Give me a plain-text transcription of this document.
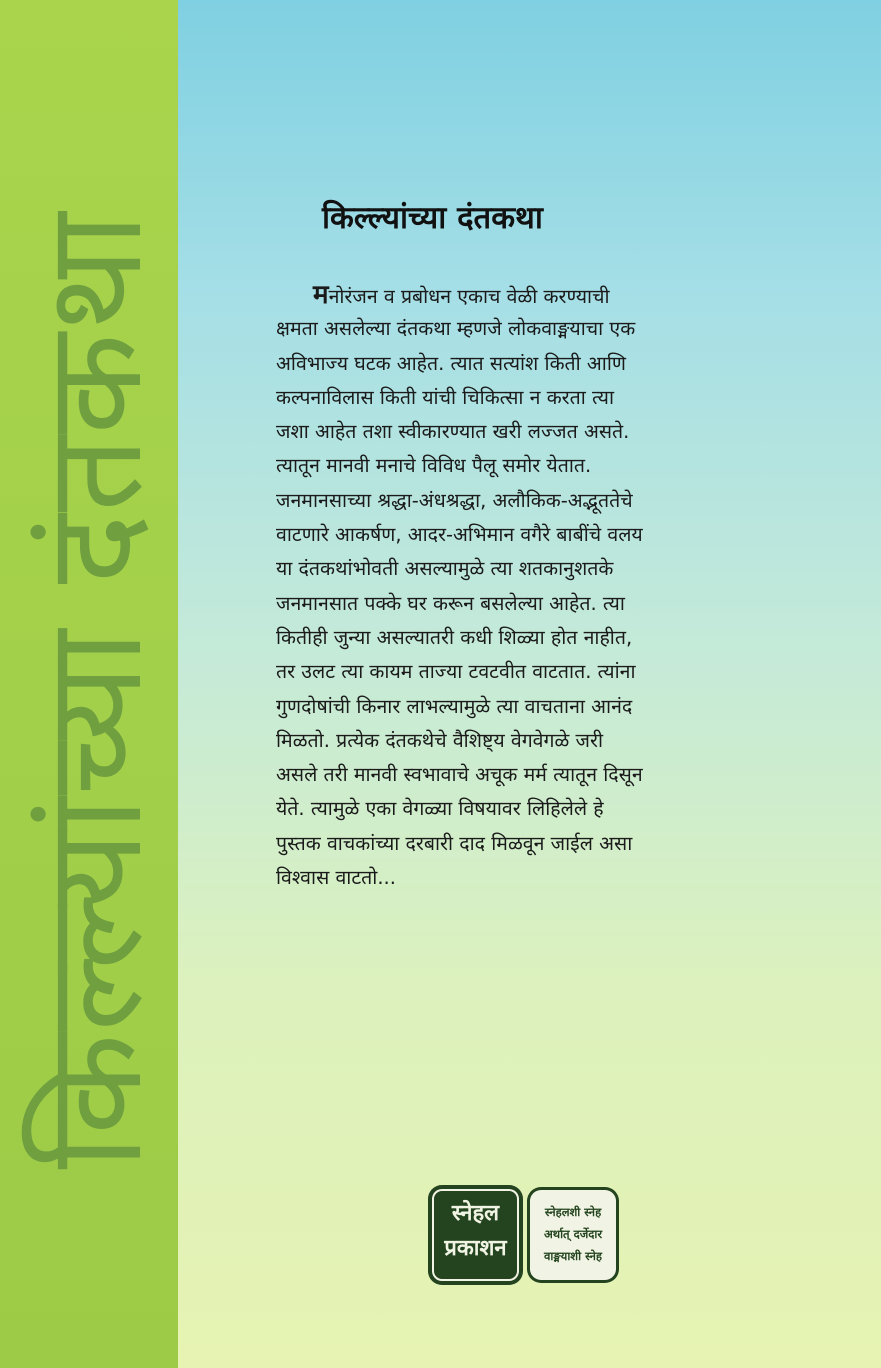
किल्ल्यांच्या दंतकथा	किल्ल्यांच्या दंतकथा
मनोरंजन व प्रबोधन एकाच वेळी करण्याची
क्षमता असलेल्या दंतकथा म्हणजे लोकवाङ्मयाचा एक
अविभाज्य घटक आहेत. त्यात सत्यांश किती आणि
कल्पनाविलास किती यांची चिकित्सा न करता त्या
जशा आहेत तशा स्वीकारण्यात खरी लज्जत असते.
त्यातून मानवी मनाचे विविध पैलू समोर येतात.
जनमानसाच्या श्रद्धा-अंधश्रद्धा, अलौकिक-अद्भूततेचे
वाटणारे आकर्षण, आदर-अभिमान वगैरे बाबींचे वलय
या दंतकथांभोवती असल्यामुळे त्या शतकानुशतके
जनमानसात पक्के घर करून बसलेल्या आहेत. त्या
कितीही जुन्या असल्यातरी कधी शिळ्या होत नाहीत,
तर उलट त्या कायम ताज्या टवटवीत वाटतात. त्यांना
गुणदोषांची किनार लाभल्यामुळे त्या वाचताना आनंद
मिळतो. प्रत्येक दंतकथेचे वैशिष्ट्य वेगवेगळे जरी
असले तरी मानवी स्वभावाचे अचूक मर्म त्यातून दिसून
येते. त्यामुळे एका वेगळ्या विषयावर लिहिलेले हे
पुस्तक वाचकांच्या दरबारी दाद मिळवून जाईल असा
विश्वास वाटतो...
स्नेहल
प्रकाशन
स्नेहलशी स्नेह
अर्थात् दर्जेदार
वाङ्मयाशी स्नेह
